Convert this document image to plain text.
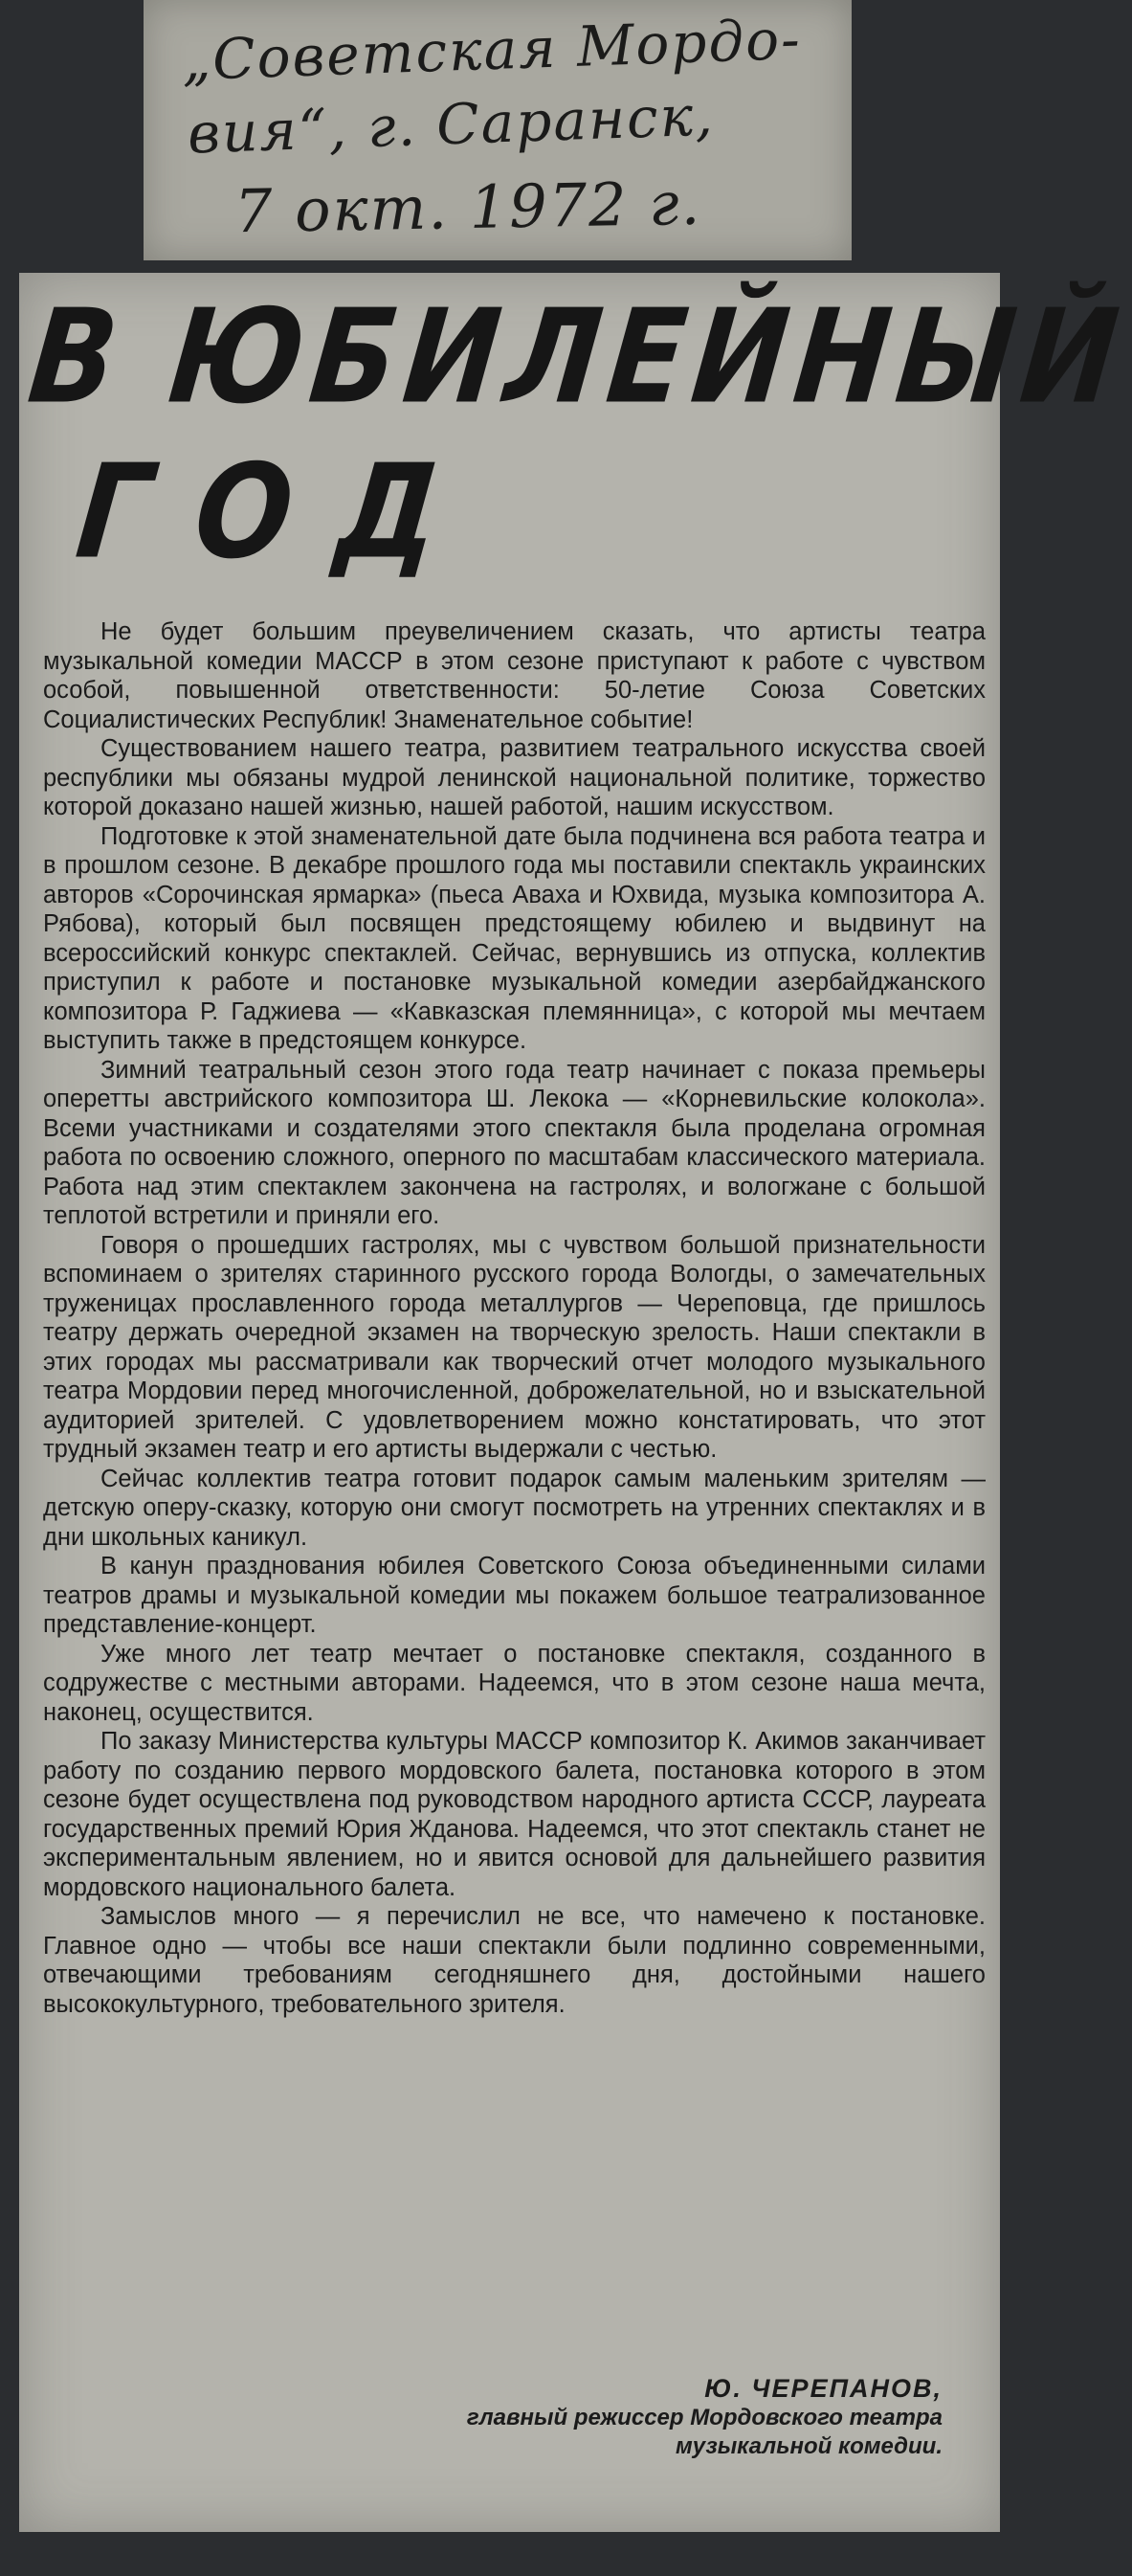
„Советская Мордо-
вия“, г. Саранск,
7 окт. 1972 г.
В ЮБИЛЕЙНЫЙ
ГОД

Не будет большим преувеличением сказать, что артисты театра музыкальной комедии МАССР в этом сезоне приступают к работе с чувством особой, повышенной ответственности: 50-летие Союза Советских Социалистических Республик! Знаменательное событие!

Существованием нашего театра, развитием театрального искусства своей республики мы обязаны мудрой ленинской национальной политике, торжество которой доказано нашей жизнью, нашей работой, нашим искусством.

Подготовке к этой знаменательной дате была подчинена вся работа театра и в прошлом сезоне. В декабре прошлого года мы поставили спектакль украинских авторов «Сорочинская ярмарка» (пьеса Аваха и Юхвида, музыка композитора А. Рябова), который был посвящен предстоящему юбилею и выдвинут на всероссийский конкурс спектаклей. Сейчас, вернувшись из отпуска, коллектив приступил к работе и постановке музыкальной комедии азербайджанского композитора Р. Гаджиева — «Кавказская племянница», с которой мы мечтаем выступить также в предстоящем конкурсе.

Зимний театральный сезон этого года театр начинает с показа премьеры оперетты австрийского композитора Ш. Лекока — «Корневильские колокола». Всеми участниками и создателями этого спектакля была проделана огромная работа по освоению сложного, оперного по масштабам классического материала. Работа над этим спектаклем закончена на гастролях, и вологжане с большой теплотой встретили и приняли его.

Говоря о прошедших гастролях, мы с чувством большой признательности вспоминаем о зрителях старинного русского города Вологды, о замечательных труженицах прославленного города металлургов — Череповца, где пришлось театру держать очередной экзамен на творческую зрелость. Наши спектакли в этих городах мы рассматривали как творческий отчет молодого музыкального театра Мордовии перед многочисленной, доброжелательной, но и взыскательной аудиторией зрителей. С удовлетворением можно констатировать, что этот трудный экзамен театр и его артисты выдержали с честью.

Сейчас коллектив театра готовит подарок самым маленьким зрителям — детскую оперу-сказку, которую они смогут посмотреть на утренних спектаклях и в дни школьных каникул.

В канун празднования юбилея Советского Союза объединенными силами театров драмы и музыкальной комедии мы покажем большое театрализованное представление-концерт.

Уже много лет театр мечтает о постановке спектакля, созданного в содружестве с местными авторами. Надеемся, что в этом сезоне наша мечта, наконец, осуществится.

По заказу Министерства культуры МАССР композитор К. Акимов заканчивает работу по созданию первого мордовского балета, постановка которого в этом сезоне будет осуществлена под руководством народного артиста СССР, лауреата государственных премий Юрия Жданова. Надеемся, что этот спектакль станет не экспериментальным явлением, но и явится основой для дальнейшего развития мордовского национального балета.

Замыслов много — я перечислил не все, что намечено к постановке. Главное одно — чтобы все наши спектакли были подлинно современными, отвечающими требованиям сегодняшнего дня, достойными нашего высококультурного, требовательного зрителя.

Ю. ЧЕРЕПАНОВ,
главный режиссер Мордовского театра
музыкальной комедии.
